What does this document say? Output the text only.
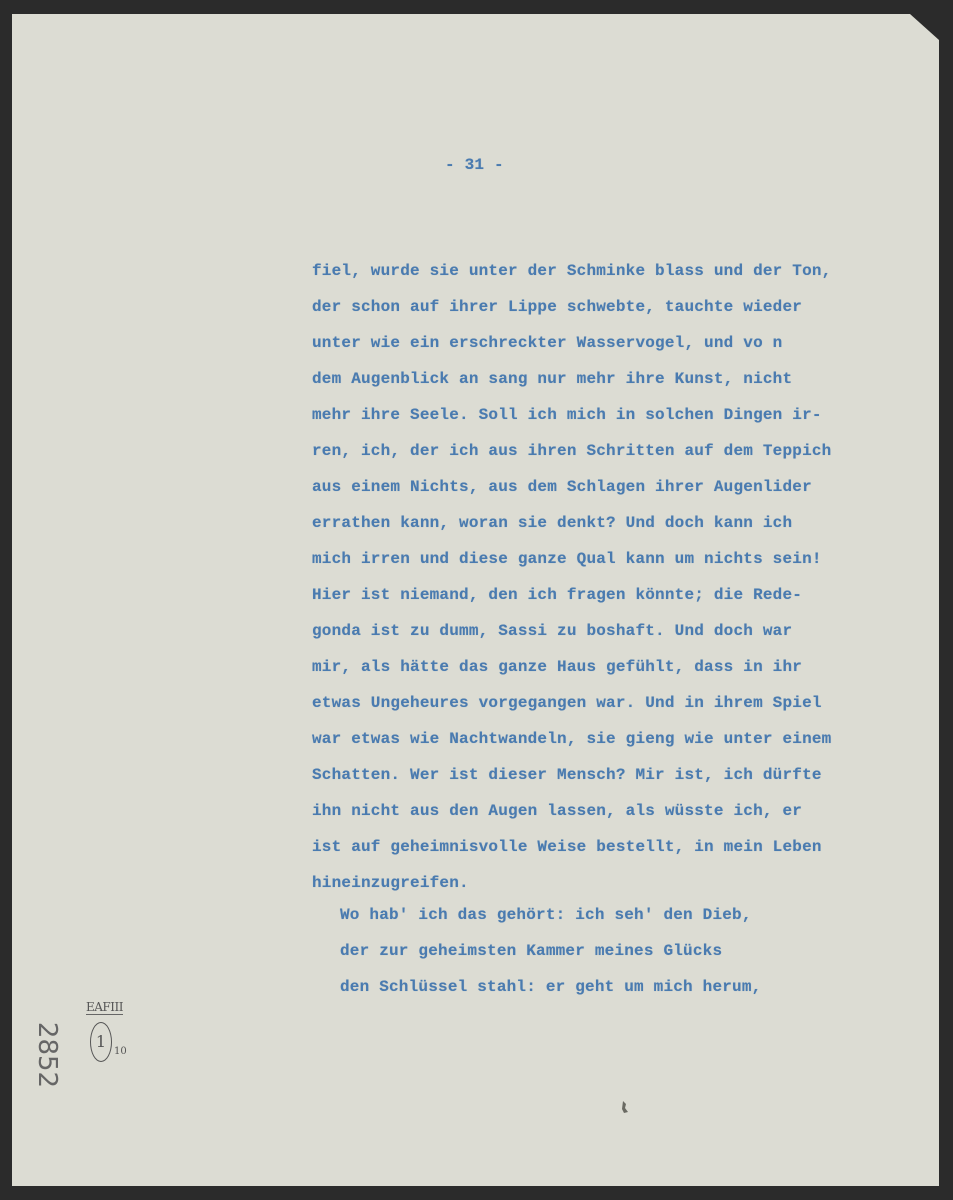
- 31 -
fiel, wurde sie unter der Schminke blass und der Ton,
der schon auf ihrer Lippe schwebte, tauchte wieder
unter wie ein erschreckter Wasservogel, und vo n
dem Augenblick an sang nur mehr ihre Kunst, nicht
mehr ihre Seele. Soll ich mich in solchen Dingen ir-
ren, ich, der ich aus ihren Schritten auf dem Teppich
aus einem Nichts, aus dem Schlagen ihrer Augenlider
errathen kann, woran sie denkt? Und doch kann ich
mich irren und diese ganze Qual kann um nichts sein!
Hier ist niemand, den ich fragen könnte; die Rede-
gonda ist zu dumm, Sassi zu boshaft. Und doch war
mir, als hätte das ganze Haus gefühlt, dass in ihr
etwas Ungeheures vorgegangen war. Und in ihrem Spiel
war etwas wie Nachtwandeln, sie gieng wie unter einem
Schatten. Wer ist dieser Mensch? Mir ist, ich dürfte
ihn nicht aus den Augen lassen, als wüsste ich, er
ist auf geheimnisvolle Weise bestellt, in mein Leben
hineinzugreifen.
Wo hab' ich das gehört: ich seh' den Dieb,
der zur geheimsten Kammer meines Glücks
den Schlüssel stahl: er geht um mich herum,
EAFIII
1
10
2852
